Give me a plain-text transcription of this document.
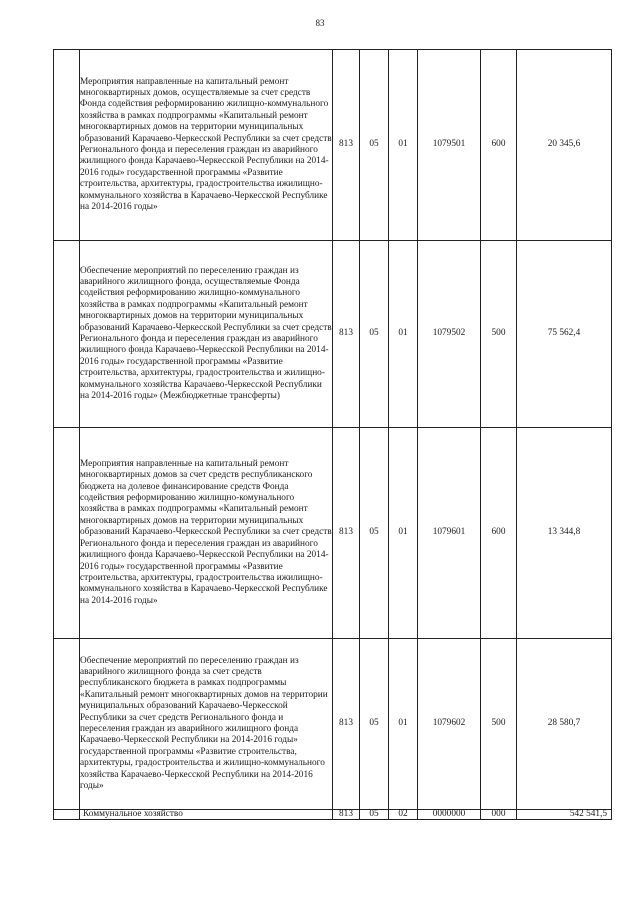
83
	Мероприятия направленные на капитальный ремонт многоквартирных домов, осуществляемые за счет средств Фонда содействия реформированию жилищно-коммунального хозяйства в рамках подпрограммы «Капитальный ремонт многоквартирных домов на территории муниципальных образований Карачаево-Черкесской Республики за счет средств Регионального фонда и переселения граждан из аварийного жилищного фонда Карачаево-Черкесской Республики на 2014-2016 годы» государственной программы «Развитие строительства, архитектуры, градостроительства ижилищно-коммунального хозяйства в Карачаево-Черкесской Республике на 2014-2016 годы»	813	05	01	1079501	600	20 345,6
	Обеспечение мероприятий по переселению граждан из аварийного жилищного фонда, осуществляемые Фонда содействия реформированию жилищно-коммунального хозяйства в рамках подпрограммы «Капитальный ремонт многоквартирных домов на территории муниципальных образований Карачаево-Черкесской Республики за счет средств Регионального фонда и переселения граждан из аварийного жилищного фонда Карачаево-Черкесской Республики на 2014-2016 годы» государственной программы «Развитие строительства, архитектуры, градостроительства и жилищно-коммунального хозяйства Карачаево-Черкесской Республики на 2014-2016 годы» (Межбюджетные трансферты)	813	05	01	1079502	500	75 562,4
	Мероприятия направленные на капитальный ремонт многоквартирных домов за счет средств республиканского бюджета на долевое финансирование средств Фонда содействия реформированию жилищно-комунального хозяйства в рамках подпрограммы «Капитальный ремонт многоквартирных домов на территории муниципальных образований Карачаево-Черкесской Республики за счет средств Регионального фонда и переселения граждан из аварийного жилищного фонда Карачаево-Черкесской Республики на 2014-2016 годы» государственной программы «Развитие строительства, архитектуры, градостроительства ижилищно-коммунального хозяйства в Карачаево-Черкесской Республике на 2014-2016 годы»	813	05	01	1079601	600	13 344,8
	Обеспечение мероприятий по переселению граждан из аварийного жилищного фонда за счет средств республиканского бюджета в рамках подпрограммы «Капитальный ремонт многоквартирных домов на территории муниципальных образований Карачаево-Черкесской Республики за счет средств Регионального фонда и переселения граждан из аварийного жилищного фонда Карачаево-Черкесской Республики на 2014-2016 годы» государственной программы «Развитие строительства, архитектуры, градостроительства и жилищно-коммунального хозяйства Карачаево-Черкесской Республики на 2014-2016 годы»	813	05	01	1079602	500	28 580,7
	Коммунальное хозяйство	813	05	02	0000000	000	542 541,5
